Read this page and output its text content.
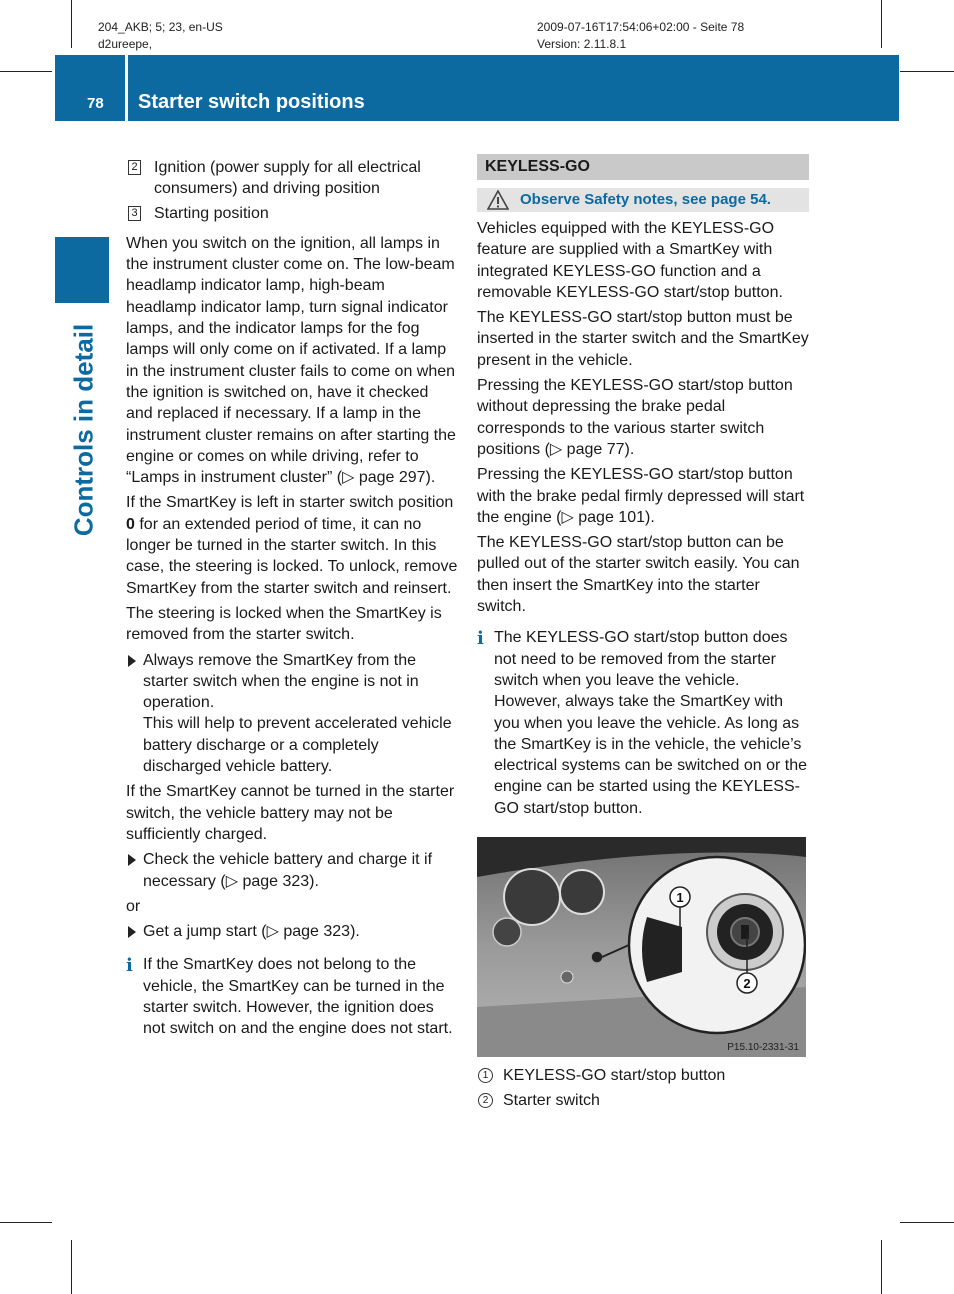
204_AKB; 5; 23, en-US
d2ureepe,
2009-07-16T17:54:06+02:00 - Seite 78
Version: 2.11.8.1
78 Starter switch positions
Controls in detail
2 Ignition (power supply for all electrical consumers) and driving position
3 Starting position

When you switch on the ignition, all lamps in the instrument cluster come on. The low-beam headlamp indicator lamp, high-beam headlamp indicator lamp, turn signal indicator lamps, and the indicator lamps for the fog lamps will only come on if activated. If a lamp in the instrument cluster fails to come on when the ignition is switched on, have it checked and replaced if necessary. If a lamp in the instrument cluster remains on after starting the engine or comes on while driving, refer to “Lamps in instrument cluster” (▷ page 297).

If the SmartKey is left in starter switch position 0 for an extended period of time, it can no longer be turned in the starter switch. In this case, the steering is locked. To unlock, remove SmartKey from the starter switch and reinsert.

The steering is locked when the SmartKey is removed from the starter switch.

Always remove the SmartKey from the starter switch when the engine is not in operation.
This will help to prevent accelerated vehicle battery discharge or a completely discharged vehicle battery.

If the SmartKey cannot be turned in the starter switch, the vehicle battery may not be sufficiently charged.

Check the vehicle battery and charge it if necessary (▷ page 323).

or

Get a jump start (▷ page 323).
i If the SmartKey does not belong to the vehicle, the SmartKey can be turned in the starter switch. However, the ignition does not switch on and the engine does not start.
KEYLESS-GO
Observe Safety notes, see page 54.

Vehicles equipped with the KEYLESS-GO feature are supplied with a SmartKey with integrated KEYLESS-GO function and a removable KEYLESS-GO start/stop button.

The KEYLESS-GO start/stop button must be inserted in the starter switch and the SmartKey present in the vehicle.

Pressing the KEYLESS-GO start/stop button without depressing the brake pedal corresponds to the various starter switch positions (▷ page 77).

Pressing the KEYLESS-GO start/stop button with the brake pedal firmly depressed will start the engine (▷ page 101).

The KEYLESS-GO start/stop button can be pulled out of the starter switch easily. You can then insert the SmartKey into the starter switch.

i The KEYLESS-GO start/stop button does not need to be removed from the starter switch when you leave the vehicle. However, always take the SmartKey with you when you leave the vehicle. As long as the SmartKey is in the vehicle, the vehicle’s electrical systems can be switched on or the engine can be started using the KEYLESS-GO start/stop button.
1
2
P15.10-2331-31
1 KEYLESS-GO start/stop button
2 Starter switch
